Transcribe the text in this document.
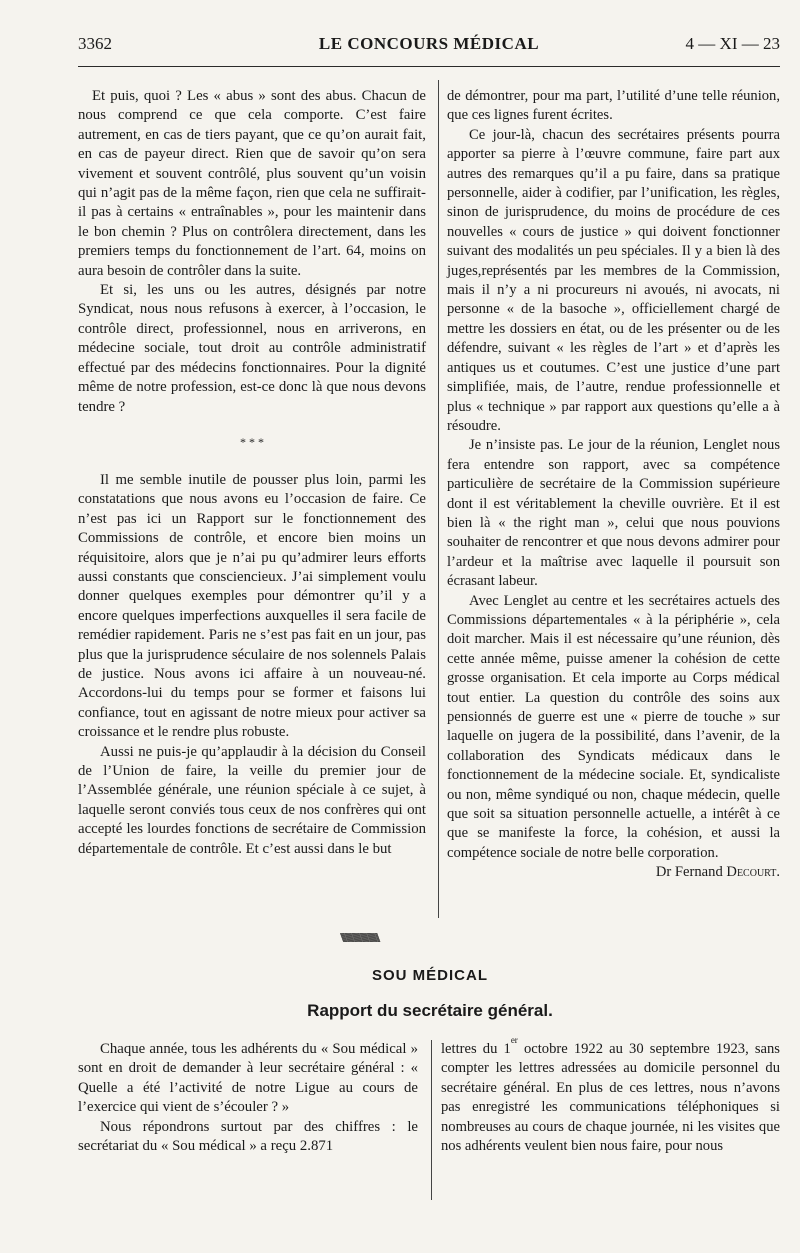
3362	LE CONCOURS MÉDICAL	4 — XI — 23

Et puis, quoi ? Les « abus » sont des abus. Chacun de nous comprend ce que cela comporte. C’est faire autrement, en cas de tiers payant, que ce qu’on aurait fait, en cas de payeur direct. Rien que de savoir qu’on sera vivement et souvent contrôlé, plus souvent qu’un voisin qui n’agit pas de la même façon, rien que cela ne suffirait-il pas à certains « entraînables », pour les maintenir dans le bon chemin ? Plus on contrôlera directement, dans les premiers temps du fonctionnement de l’art. 64, moins on aura besoin de contrôler dans la suite.

Et si, les uns ou les autres, désignés par notre Syndicat, nous nous refusons à exercer, à l’occasion, le contrôle direct, professionnel, nous en arriverons, en médecine sociale, tout droit au contrôle administratif effectué par des médecins fonctionnaires. Pour la dignité même de notre profession, est-ce donc là que nous devons tendre ?

* * *

Il me semble inutile de pousser plus loin, parmi les constatations que nous avons eu l’occasion de faire. Ce n’est pas ici un Rapport sur le fonctionnement des Commissions de contrôle, et encore bien moins un réquisitoire, alors que je n’ai pu qu’admirer leurs efforts aussi constants que consciencieux. J’ai simplement voulu donner quelques exemples pour démontrer qu’il y a encore quelques imperfections auxquelles il sera facile de remédier rapidement. Paris ne s’est pas fait en un jour, pas plus que la jurisprudence séculaire de nos solennels Palais de justice. Nous avons ici affaire à un nouveau-né. Accordons-lui du temps pour se former et faisons lui confiance, tout en agissant de notre mieux pour activer sa croissance et le rendre plus robuste.

Aussi ne puis-je qu’applaudir à la décision du Conseil de l’Union de faire, la veille du premier jour de l’Assemblée générale, une réunion spéciale à ce sujet, à laquelle seront conviés tous ceux de nos confrères qui ont accepté les lourdes fonctions de secrétaire de Commission départementale de contrôle. Et c’est aussi dans le but

de démontrer, pour ma part, l’utilité d’une telle réunion, que ces lignes furent écrites.

Ce jour-là, chacun des secrétaires présents pourra apporter sa pierre à l’œuvre commune, faire part aux autres des remarques qu’il a pu faire, dans sa pratique personnelle, aider à codifier, par l’unification, les règles, sinon de jurisprudence, du moins de procédure de ces nouvelles « cours de justice » qui doivent fonctionner suivant des modalités un peu spéciales. Il y a bien là des juges,représentés par les membres de la Commission, mais il n’y a ni procureurs ni avoués, ni avocats, ni personne « de la basoche », officiellement chargé de mettre les dossiers en état, ou de les présenter ou de les défendre, suivant « les règles de l’art » et d’après les antiques us et coutumes. C’est une justice d’une part simplifiée, mais, de l’autre, rendue professionnelle et plus « technique » par rapport aux questions qu’elle a à résoudre.

Je n’insiste pas. Le jour de la réunion, Lenglet nous fera entendre son rapport, avec sa compétence particulière de secrétaire de la Commission supérieure dont il est véritablement la cheville ouvrière. Et il est bien là « the right man », celui que nous pouvions souhaiter de rencontrer et que nous devons admirer pour l’ardeur et la maîtrise avec laquelle il poursuit son écrasant labeur.

Avec Lenglet au centre et les secrétaires actuels des Commissions départementales « à la périphérie », cela doit marcher. Mais il est nécessaire qu’une réunion, dès cette année même, puisse amener la cohésion de cette grosse organisation. Et cela importe au Corps médical tout entier. La question du contrôle des soins aux pensionnés de guerre est une « pierre de touche » sur laquelle on jugera de la possibilité, dans l’avenir, de la collaboration des Syndicats médicaux dans le fonctionnement de la médecine sociale. Et, syndicaliste ou non, même syndiqué ou non, chaque médecin, quelle que soit sa situation personnelle actuelle, a intérêt à ce que se manifeste la force, la cohésion, et aussi la compétence sociale de notre belle corporation.

Dr Fernand Decourt.

\\\\\\\\\\\\\\\\\\\\\\\\\\\\\\\\\\\\\\\\\\
SOU MÉDICAL
Rapport du secrétaire général.

Chaque année, tous les adhérents du « Sou médical » sont en droit de demander à leur secrétaire général : « Quelle a été l’activité de notre Ligue au cours de l’exercice qui vient de s’écouler ? »

Nous répondrons surtout par des chiffres : le secrétariat du « Sou médical » a reçu 2.871

lettres du 1er octobre 1922 au 30 septembre 1923, sans compter les lettres adressées au domicile personnel du secrétaire général. En plus de ces lettres, nous n’avons pas enregistré les communications téléphoniques si nombreuses au cours de chaque journée, ni les visites que nos adhérents veulent bien nous faire, pour nous
